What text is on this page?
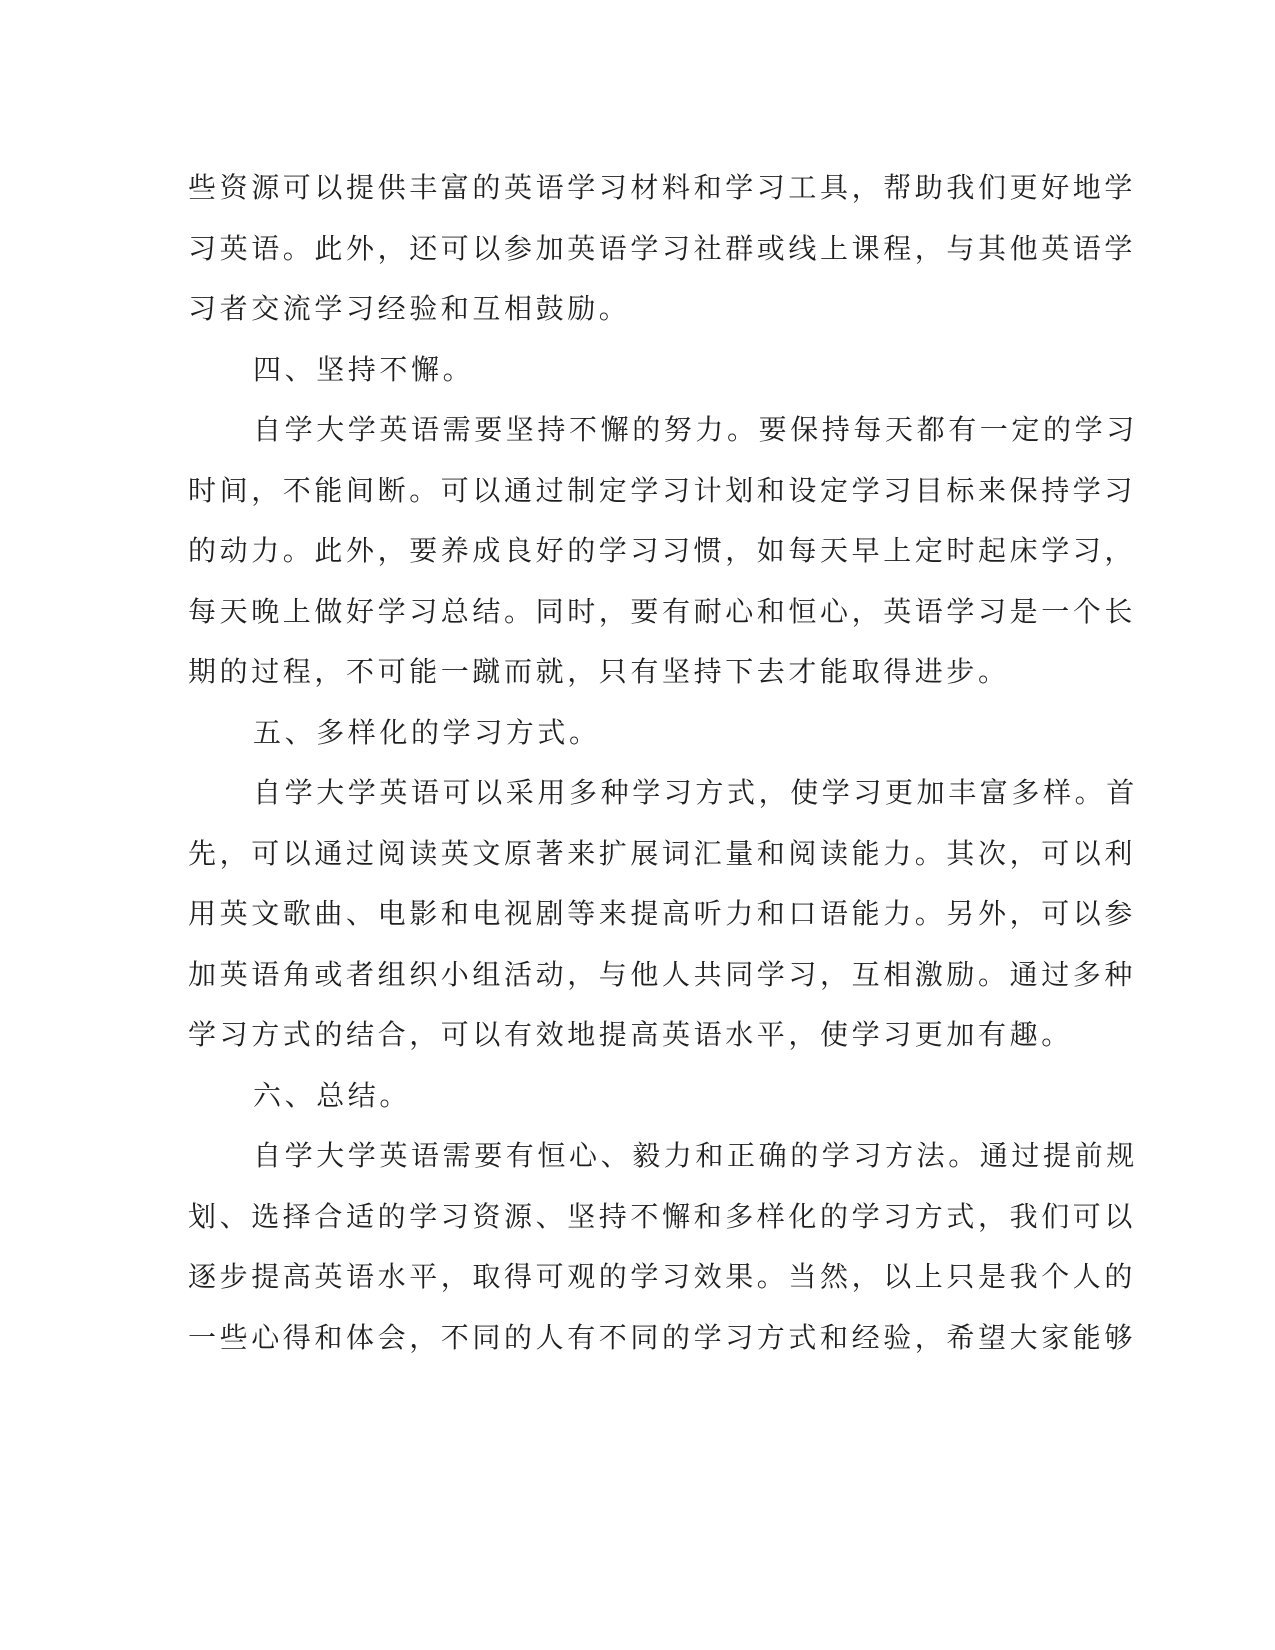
些资源可以提供丰富的英语学习材料和学习工具，帮助我们更好地学
习英语。此外，还可以参加英语学习社群或线上课程，与其他英语学
习者交流学习经验和互相鼓励。

四、坚持不懈。

自学大学英语需要坚持不懈的努力。要保持每天都有一定的学习
时间，不能间断。可以通过制定学习计划和设定学习目标来保持学习
的动力。此外，要养成良好的学习习惯，如每天早上定时起床学习，
每天晚上做好学习总结。同时，要有耐心和恒心，英语学习是一个长
期的过程，不可能一蹴而就，只有坚持下去才能取得进步。

五、多样化的学习方式。

自学大学英语可以采用多种学习方式，使学习更加丰富多样。首
先，可以通过阅读英文原著来扩展词汇量和阅读能力。其次，可以利
用英文歌曲、电影和电视剧等来提高听力和口语能力。另外，可以参
加英语角或者组织小组活动，与他人共同学习，互相激励。通过多种
学习方式的结合，可以有效地提高英语水平，使学习更加有趣。

六、总结。

自学大学英语需要有恒心、毅力和正确的学习方法。通过提前规
划、选择合适的学习资源、坚持不懈和多样化的学习方式，我们可以
逐步提高英语水平，取得可观的学习效果。当然，以上只是我个人的
一些心得和体会，不同的人有不同的学习方式和经验，希望大家能够
